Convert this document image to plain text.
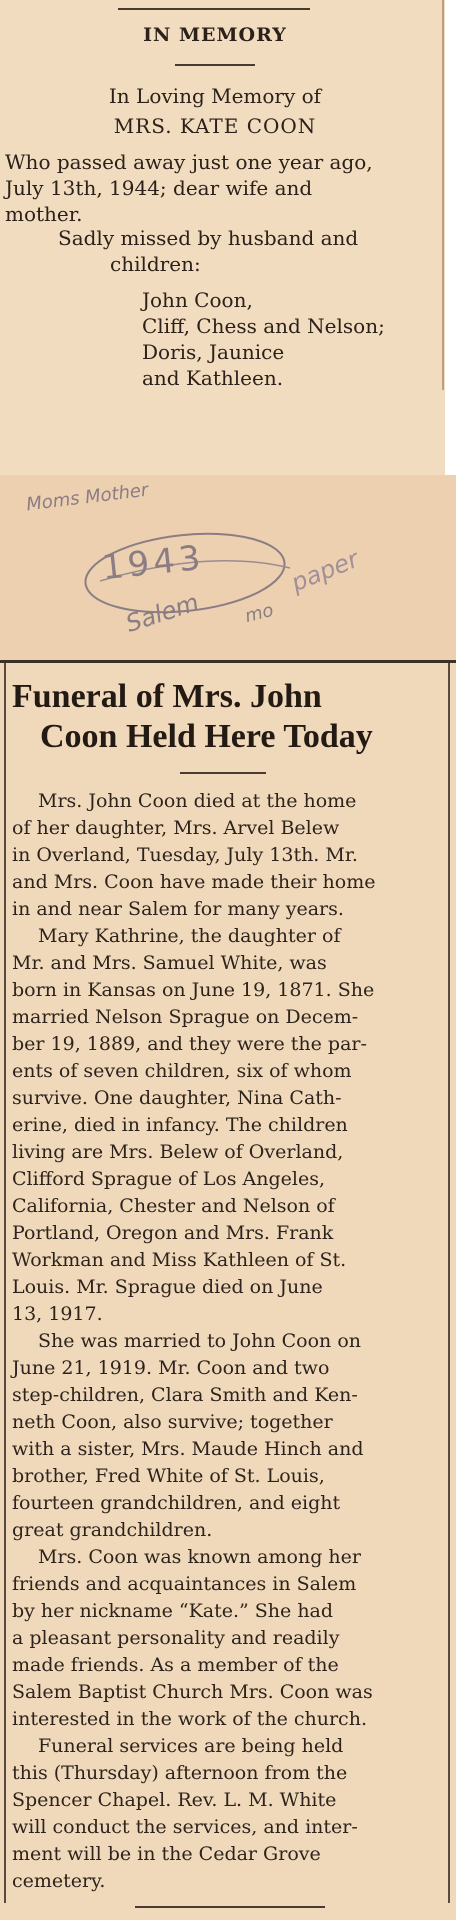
IN MEMORY
In Loving Memory of
MRS. KATE COON
Who passed away just one year ago,
July 13th, 1944; dear wife and
mother.
Sadly missed by husband and
children:
John Coon,
Cliff, Chess and Nelson;
Doris, Jaunice
and Kathleen.
Moms Mother
1943
Salem mo
paper
Funeral of Mrs. John
Coon Held Here Today
Mrs. John Coon died at the home
of her daughter, Mrs. Arvel Belew
in Overland, Tuesday, July 13th. Mr.
and Mrs. Coon have made their home
in and near Salem for many years.
Mary Kathrine, the daughter of
Mr. and Mrs. Samuel White, was
born in Kansas on June 19, 1871. She
married Nelson Sprague on Decem-
ber 19, 1889, and they were the par-
ents of seven children, six of whom
survive. One daughter, Nina Cath-
erine, died in infancy. The children
living are Mrs. Belew of Overland,
Clifford Sprague of Los Angeles,
California, Chester and Nelson of
Portland, Oregon and Mrs. Frank
Workman and Miss Kathleen of St.
Louis. Mr. Sprague died on June
13, 1917.
She was married to John Coon on
June 21, 1919. Mr. Coon and two
step-children, Clara Smith and Ken-
neth Coon, also survive; together
with a sister, Mrs. Maude Hinch and
brother, Fred White of St. Louis,
fourteen grandchildren, and eight
great grandchildren.
Mrs. Coon was known among her
friends and acquaintances in Salem
by her nickname “Kate.” She had
a pleasant personality and readily
made friends. As a member of the
Salem Baptist Church Mrs. Coon was
interested in the work of the church.
Funeral services are being held
this (Thursday) afternoon from the
Spencer Chapel. Rev. L. M. White
will conduct the services, and inter-
ment will be in the Cedar Grove
cemetery.
